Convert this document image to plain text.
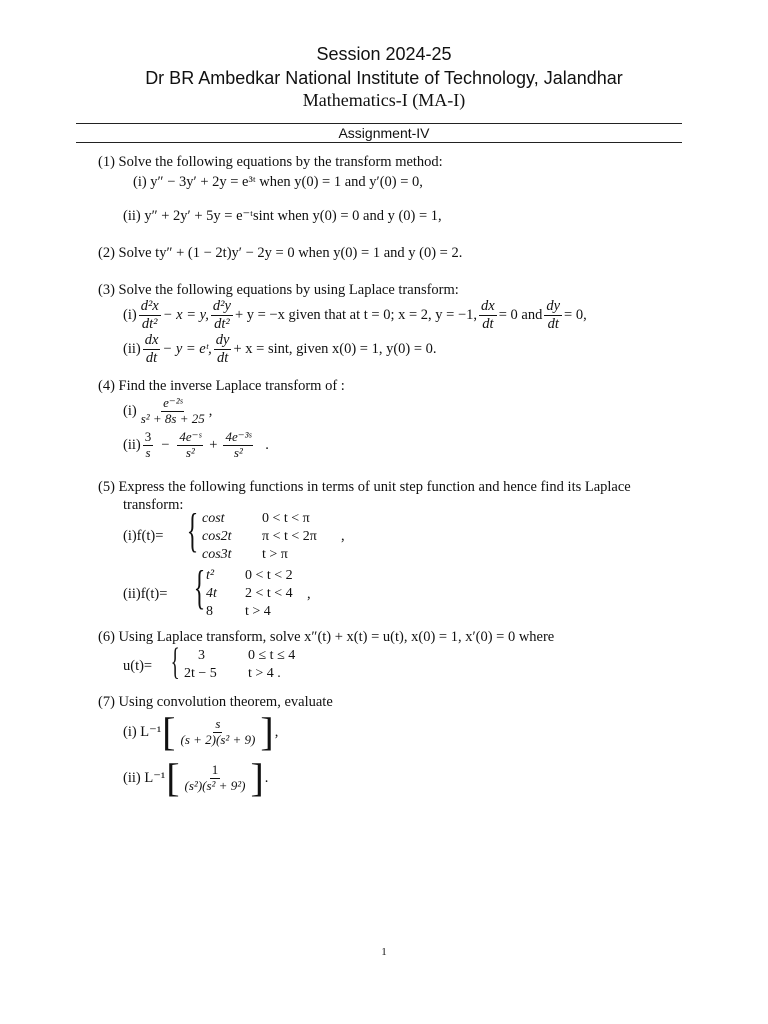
Session 2024-25
Dr BR Ambedkar National Institute of Technology, Jalandhar
Mathematics-I (MA-I)
Assignment-IV
(1) Solve the following equations by the transform method:
(i) y″ − 3y′ + 2y = e³ᵗ when y(0) = 1 and y′(0) = 0,
(ii) y″ + 2y′ + 5y = e⁻ᵗsint when y(0) = 0 and y (0) = 1,
(2) Solve ty″ + (1 − 2t)y′ − 2y = 0 when y(0) = 1 and y (0) = 2.
(3) Solve the following equations by using Laplace transform:
$(i) \frac{\text{d²x}}{\text{dt²}} - x = y$, $\frac{\text{d²y}}{\text{dt²}} + y = -x$ given that at t = 0; x = 2, y = −1, $\frac{dx}{dt} = 0$ and $\frac{dy}{dt} = 0$,
$(ii) \frac{dx}{dt} - y$ = eᵗ, $\frac{dy}{dt} + x = \sin t$, given x(0) = 1, y(0) = 0.
(4) Find the inverse Laplace transform of :
$(i) \frac{\text{e⁻²ˢ}}{\text{s² + 8s + 25}}$ ,
$(ii) \frac{3}{s} - \frac{\text{4e⁻ˢ}}{\text{s²}} + \frac{\text{4e⁻³ˢ}}{\text{s²}}$ .
(5) Express the following functions in terms of unit step function and hence find its Laplace
transform:
(i)f(t)= { cost	0 < t < π
cos2t π < t < 2π
cos3t t > π
,
(ii)f(t)= { t² 0 < t < 2
4t 2 < t < 4
8 t > 4
,
(6) Using Laplace transform, solve x″(t) + x(t) = u(t), x(0) = 1, x′(0) = 0 where
u(t)= { 3	0 ≤ t ≤ 4
2t − 5 t > 4 .
(7) Using convolution theorem, evaluate
(i) L⁻¹ [ $\frac{s}{\text{(s + 2)(s² + 9)}}$ ] ,
(ii) L⁻¹ [ $\frac{1}{\text{(s²)(s² + 9²)}}$ ] .
1
